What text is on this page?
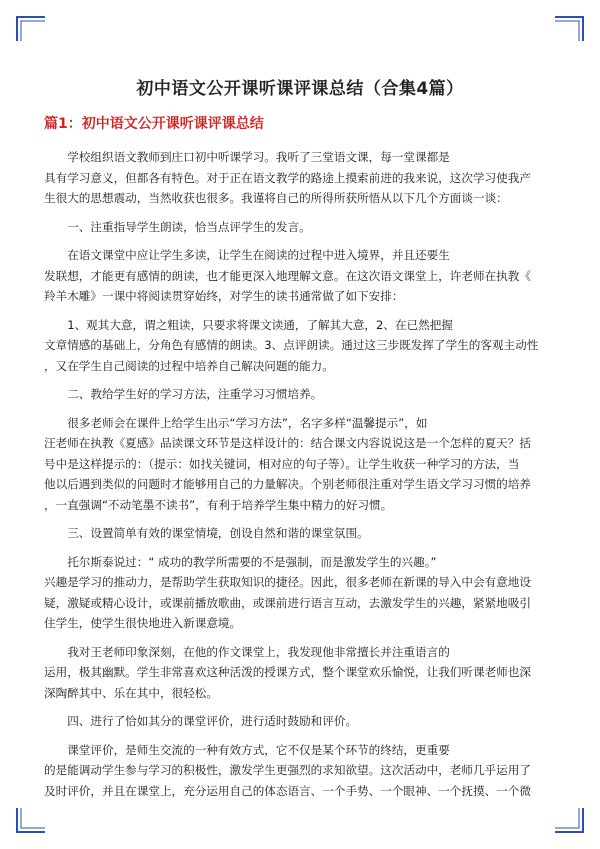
初中语文公开课听课评课总结（合集4篇）
篇1：初中语文公开课听课评课总结

学校组织语文教师到庄口初中听课学习。我听了三堂语文课，每一堂课都是
具有学习意义，但都各有特色。对于正在语文教学的路途上摸索前进的我来说，这次学习使我产
生很大的思想震动，当然收获也很多。我谨将自己的所得所获所悟从以下几个方面谈一谈：

一、注重指导学生朗读，恰当点评学生的发言。

在语文课堂中应让学生多读，让学生在阅读的过程中进入境界，并且还要生
发联想，才能更有感情的朗读，也才能更深入地理解文意。在这次语文课堂上，许老师在执教《
羚羊木雕》一课中将阅读贯穿始终，对学生的读书通常做了如下安排：

1、观其大意，谓之粗读，只要求将课文读通，了解其大意，2、在已然把握
文章情感的基础上，分角色有感情的朗读。3、点评朗读。通过这三步既发挥了学生的客观主动性
，又在学生自己阅读的过程中培养自己解决问题的能力。

二、教给学生好的学习方法，注重学习习惯培养。

很多老师会在课件上给学生出示“学习方法”，名字多样“温馨提示”，如
汪老师在执教《夏感》品读课文环节是这样设计的：结合课文内容说说这是一个怎样的夏天？括
号中是这样提示的：（提示：如找关键词，相对应的句子等）。让学生收获一种学习的方法，当
他以后遇到类似的问题时才能够用自己的力量解决。个别老师很注重对学生语文学习习惯的培养
，一直强调“不动笔墨不读书”，有利于培养学生集中精力的好习惯。

三、设置简单有效的课堂情境，创设自然和谐的课堂氛围。

托尔斯泰说过：“ 成功的教学所需要的不是强制，而是激发学生的兴趣。”
兴趣是学习的推动力，是帮助学生获取知识的捷径。因此，很多老师在新课的导入中会有意地设
疑，激疑或精心设计，或课前播放歌曲，或课前进行语言互动，去激发学生的兴趣，紧紧地吸引
住学生，使学生很快地进入新课意境。

我对王老师印象深刻，在他的作文课堂上，我发现他非常擅长并注重语言的
运用，极其幽默。学生非常喜欢这种活泼的授课方式，整个课堂欢乐愉悦，让我们听课老师也深
深陶醉其中、乐在其中，很轻松。

四、进行了恰如其分的课堂评价，进行适时鼓励和评价。

课堂评价，是师生交流的一种有效方式，它不仅是某个环节的终结，更重要
的是能调动学生参与学习的积极性，激发学生更强烈的求知欲望。这次活动中，老师几乎运用了
及时评价，并且在课堂上，充分运用自己的体态语言、一个手势、一个眼神、一个抚摸、一个微
